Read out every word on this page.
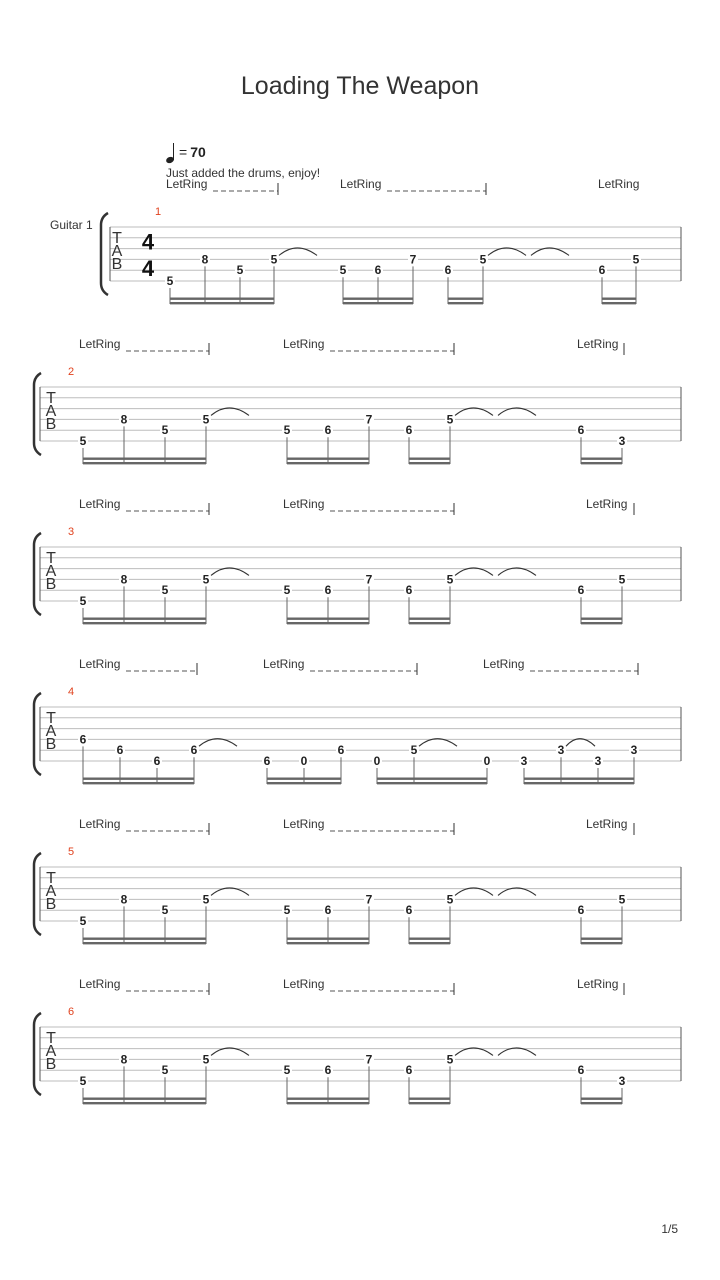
Loading The Weapon
Guitar 1
= 70
Just added the drums, enjoy!
1/5
T
A
B
4
4
1
LetRing	LetRing	LetRing
5
8
5
5
5 6
7
6
5
6
5
T
A
B
2
LetRing	LetRing	LetRing
5
8
5
5
5	6
7
6
5
6
3
T
A
B
3
LetRing	LetRing	LetRing
5
8
5
5
5	6
7
6
5
6
5
T
A
B
4
LetRing	LetRing	LetRing
6
6
6
6
6	0
6
0
5
0	3
3
3
3
T
A
B
5
LetRing	LetRing	LetRing
5
8
5
5
5	6
7
6
5
6
5
T
A
B
6
LetRing	LetRing	LetRing
5
8
5
5
5	6
7
6
5
6
3
